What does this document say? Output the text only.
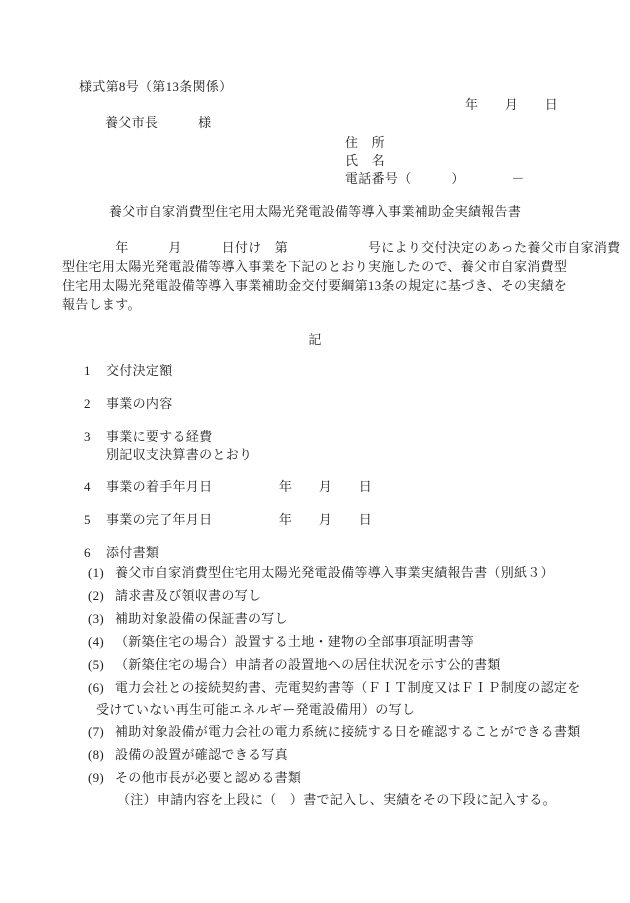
様式第8号（第13条関係）
年　　月　　日
養父市長　　　様
住　所
氏　名
電話番号（　　　）　　　　－
養父市自家消費型住宅用太陽光発電設備等導入事業補助金実績報告書
　　　　年　　　月　　　日付け　第　　　　　　号により交付決定のあった養父市自家消費
型住宅用太陽光発電設備等導入事業を下記のとおり実施したので、養父市自家消費型
住宅用太陽光発電設備等導入事業補助金交付要綱第13条の規定に基づき、その実績を
報告します。
記
1 交付決定額
2 事業の内容
3 事業に要する経費
別記収支決算書のとおり
4 事業の着手年月日　　　　　年　　月　　日
5 事業の完了年月日　　　　　年　　月　　日
6 添付書類
(1) 養父市自家消費型住宅用太陽光発電設備等導入事業実績報告書（別紙３）
(2) 請求書及び領収書の写し
(3) 補助対象設備の保証書の写し
(4) （新築住宅の場合）設置する土地・建物の全部事項証明書等
(5) （新築住宅の場合）申請者の設置地への居住状況を示す公的書類
(6) 電力会社との接続契約書、売電契約書等（ＦＩＴ制度又はＦＩＰ制度の認定を
受けていない再生可能エネルギー発電設備用）の写し
(7) 補助対象設備が電力会社の電力系統に接続する日を確認することができる書類
(8) 設備の設置が確認できる写真
(9) その他市長が必要と認める書類
（注）申請内容を上段に（　）書で記入し、実績をその下段に記入する。
